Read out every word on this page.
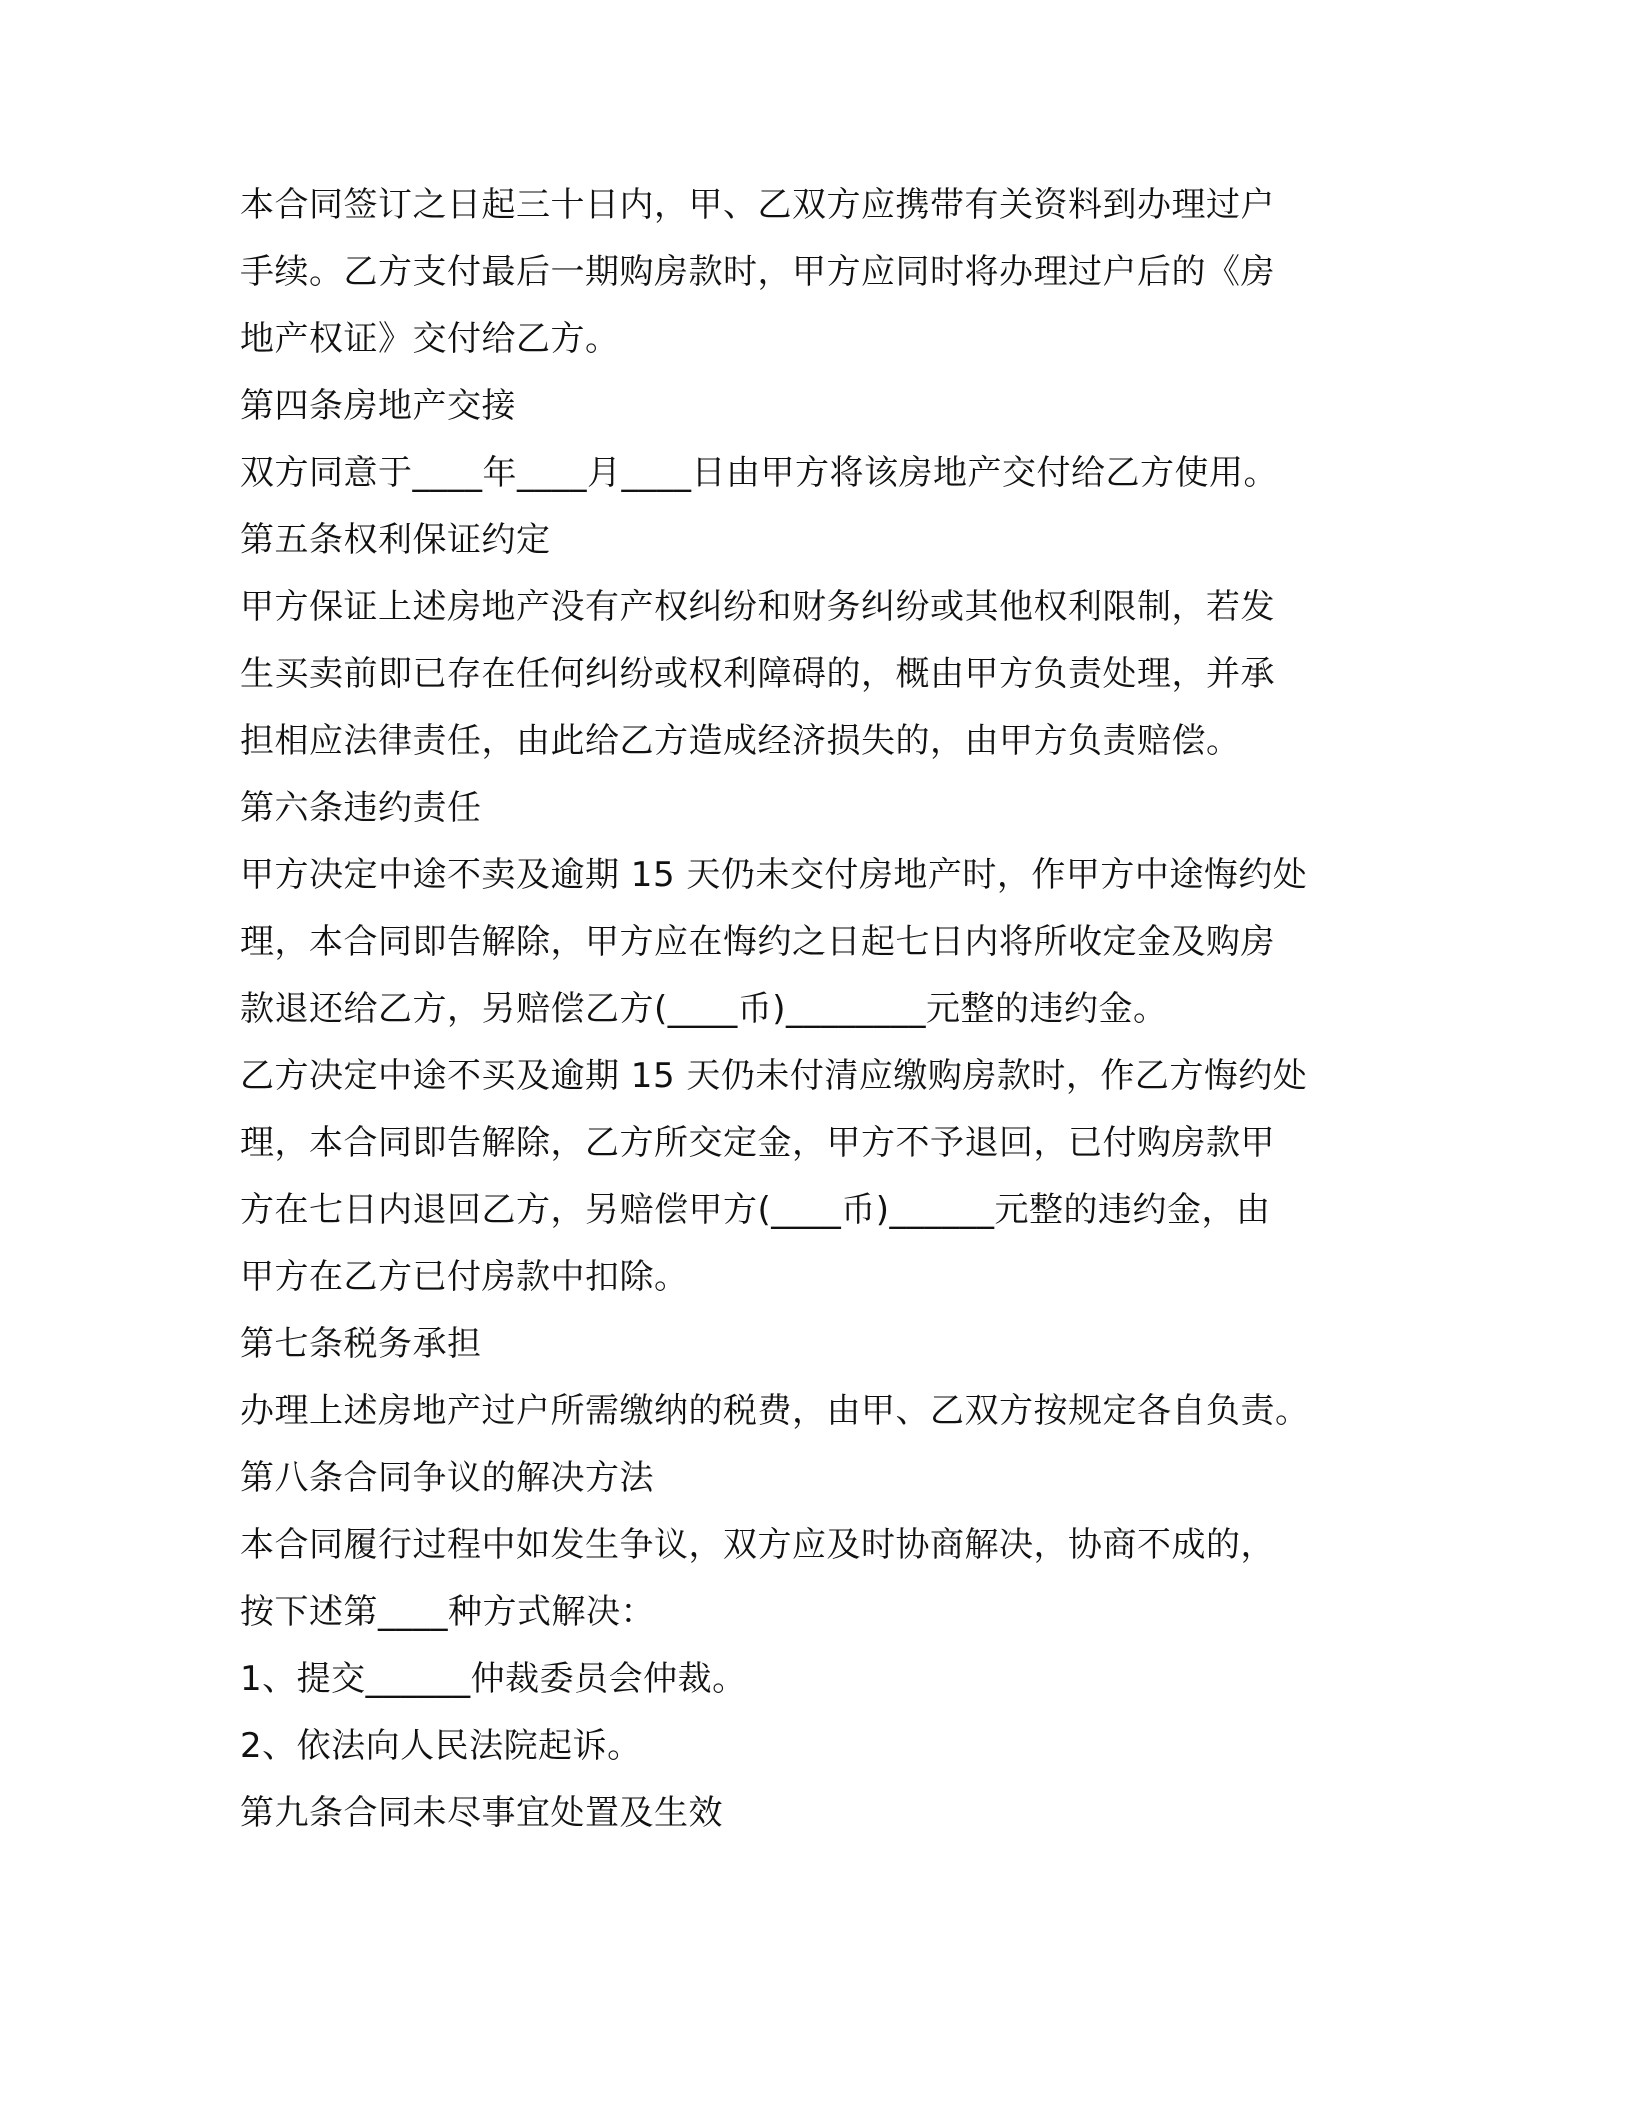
本合同签订之日起三十日内，甲、乙双方应携带有关资料到办理过户
手续。乙方支付最后一期购房款时，甲方应同时将办理过户后的《房
地产权证》交付给乙方。
第四条房地产交接
双方同意于____年____月____日由甲方将该房地产交付给乙方使用。
第五条权利保证约定
甲方保证上述房地产没有产权纠纷和财务纠纷或其他权利限制，若发
生买卖前即已存在任何纠纷或权利障碍的，概由甲方负责处理，并承
担相应法律责任，由此给乙方造成经济损失的，由甲方负责赔偿。
第六条违约责任
甲方决定中途不卖及逾期 15 天仍未交付房地产时，作甲方中途悔约处
理，本合同即告解除，甲方应在悔约之日起七日内将所收定金及购房
款退还给乙方，另赔偿乙方(____币)________元整的违约金。
乙方决定中途不买及逾期 15 天仍未付清应缴购房款时，作乙方悔约处
理，本合同即告解除，乙方所交定金，甲方不予退回，已付购房款甲
方在七日内退回乙方，另赔偿甲方(____币)______元整的违约金，由
甲方在乙方已付房款中扣除。
第七条税务承担
办理上述房地产过户所需缴纳的税费，由甲、乙双方按规定各自负责。
第八条合同争议的解决方法
本合同履行过程中如发生争议，双方应及时协商解决，协商不成的，
按下述第____种方式解决：
1、提交______仲裁委员会仲裁。
2、依法向人民法院起诉。
第九条合同未尽事宜处置及生效
